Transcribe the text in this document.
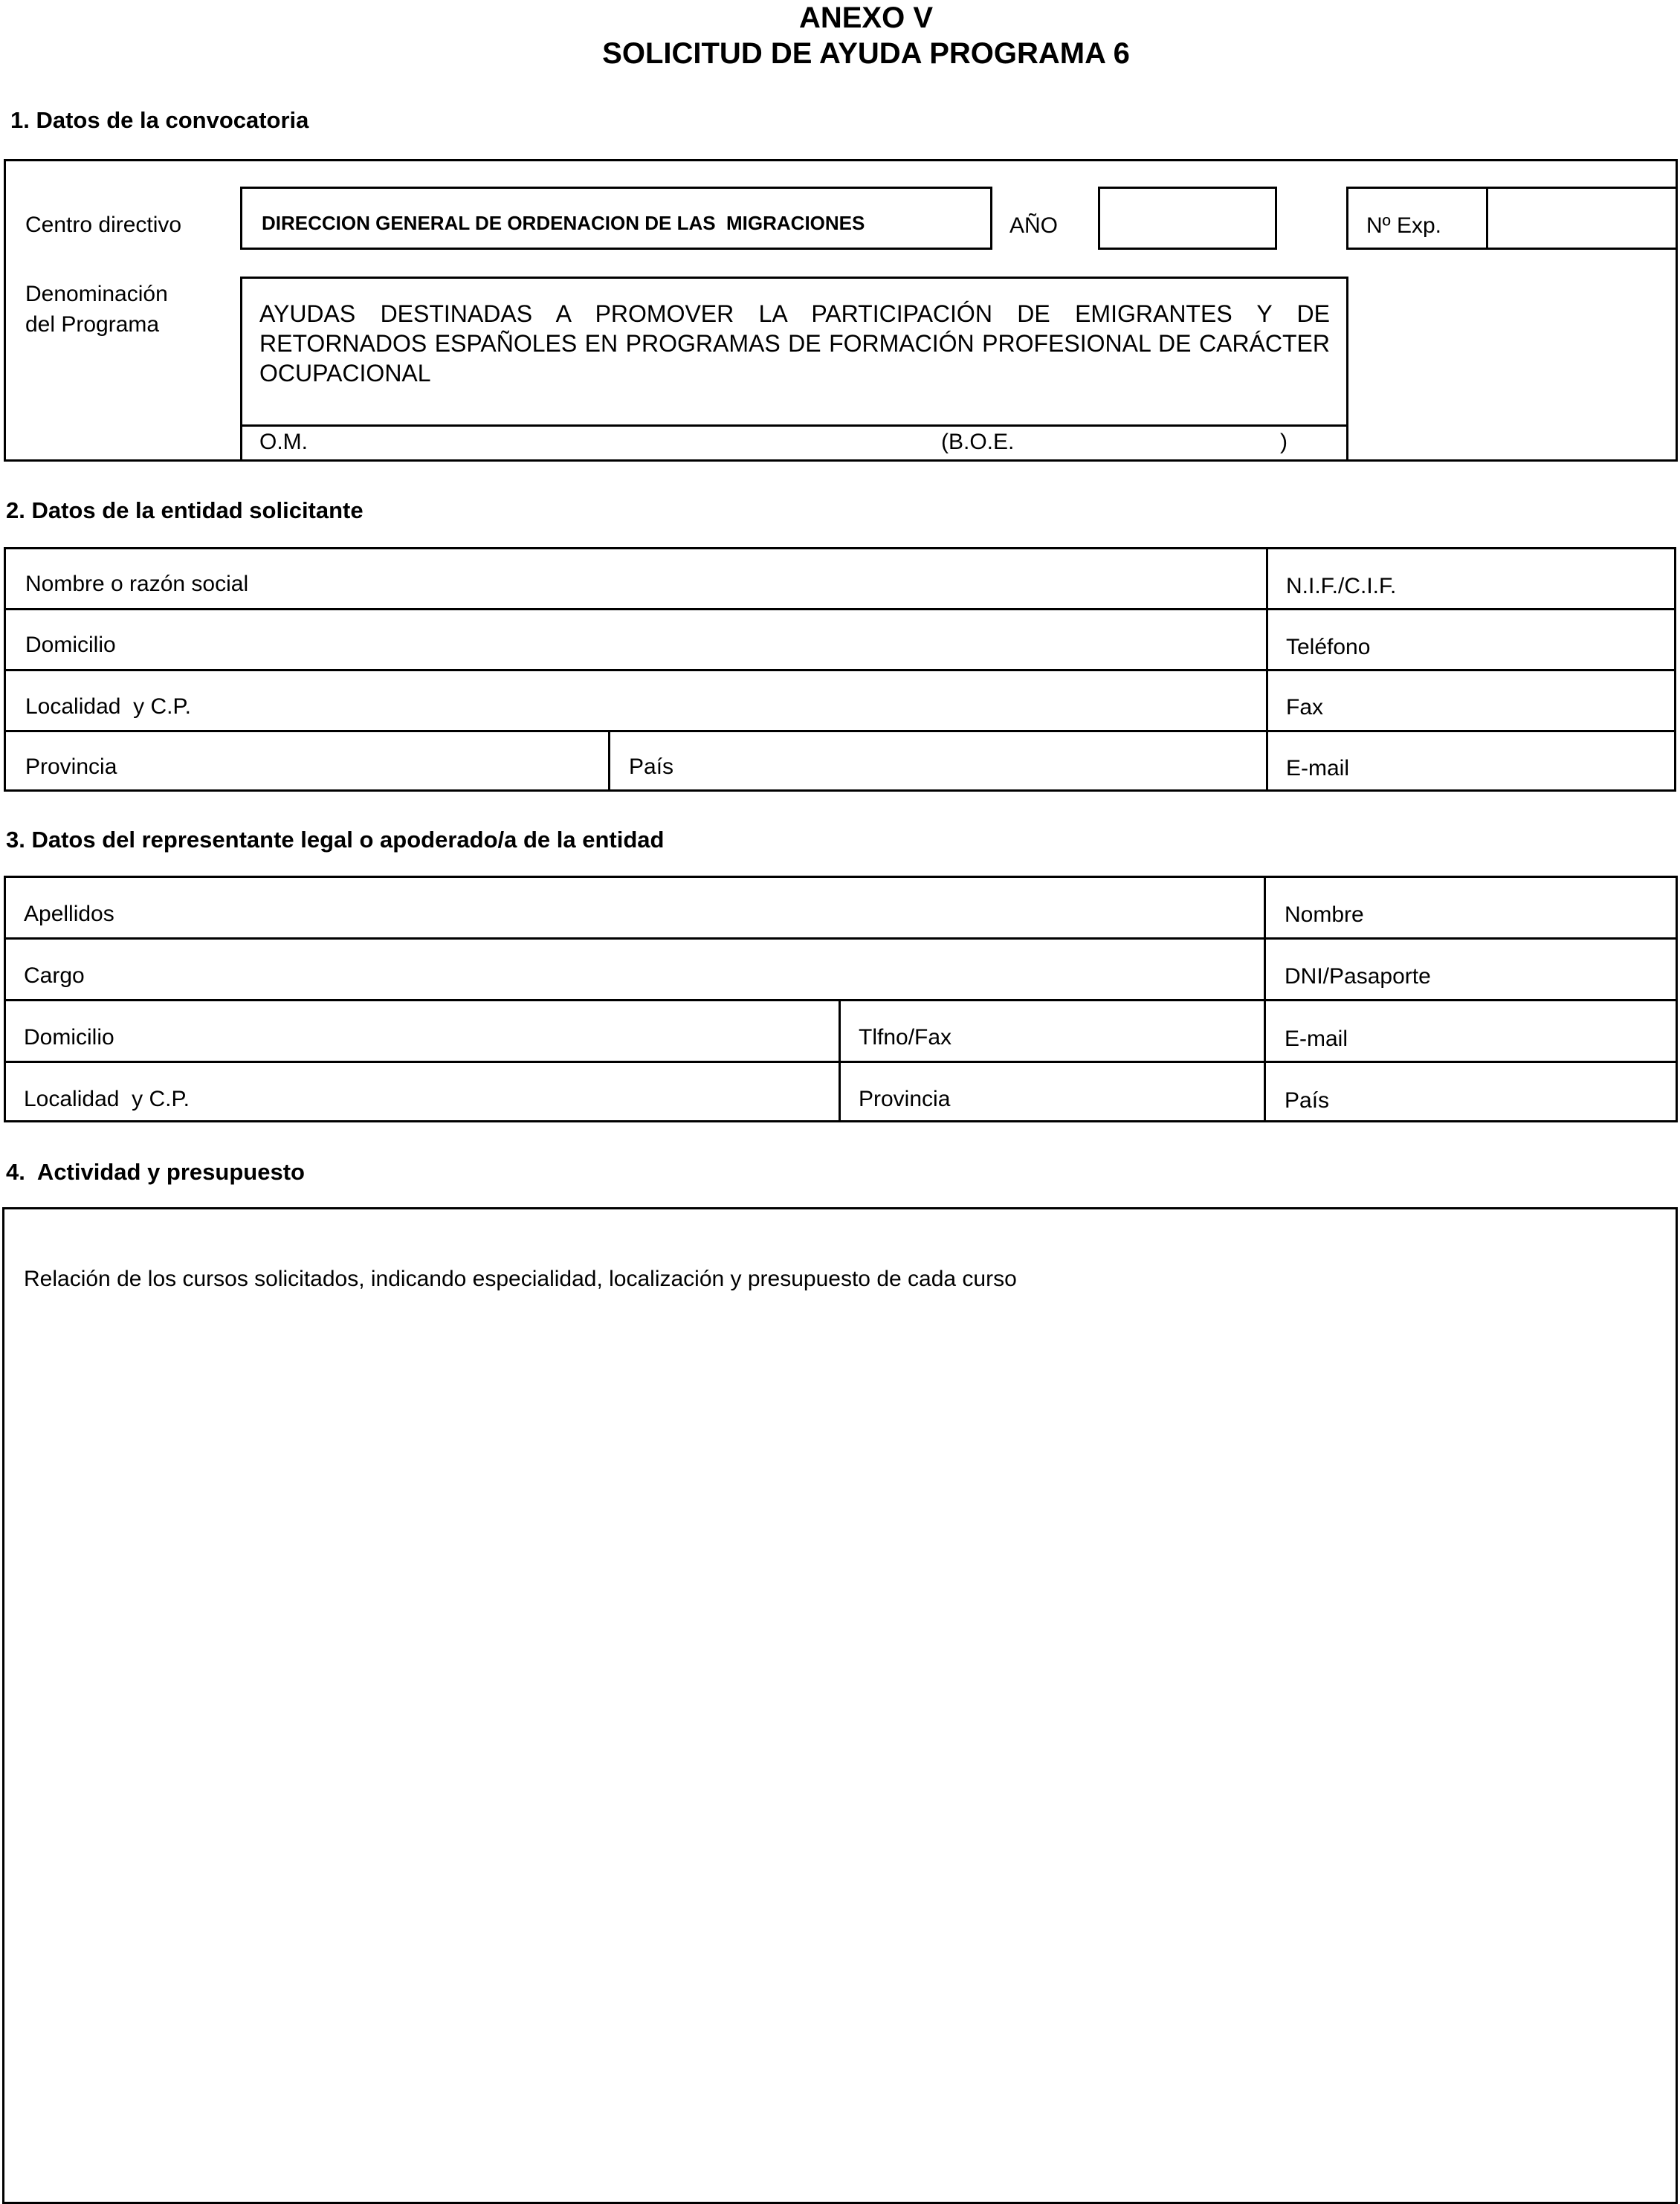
ANEXO V
SOLICITUD DE AYUDA PROGRAMA 6
1. Datos de la convocatoria
Centro directivo	DIRECCION GENERAL DE ORDENACION DE LAS  MIGRACIONES	AÑO	Nº Exp.
Denominación
del Programa	AYUDAS DESTINADAS A PROMOVER LA PARTICIPACIÓN DE EMIGRANTES Y DE RETORNADOS ESPAÑOLES EN PROGRAMAS DE FORMACIÓN PROFESIONAL DE CARÁCTER OCUPACIONAL
O.M.	(B.O.E.	)
2. Datos de la entidad solicitante
Nombre o razón social	N.I.F./C.I.F.
Domicilio	Teléfono
Localidad  y C.P.	Fax
Provincia	País	E-mail
3. Datos del representante legal o apoderado/a de la entidad
Apellidos	Nombre
Cargo	DNI/Pasaporte
Domicilio	Tlfno/Fax	E-mail
Localidad  y C.P.	Provincia	País
4.  Actividad y presupuesto
Relación de los cursos solicitados, indicando especialidad, localización y presupuesto de cada curso
